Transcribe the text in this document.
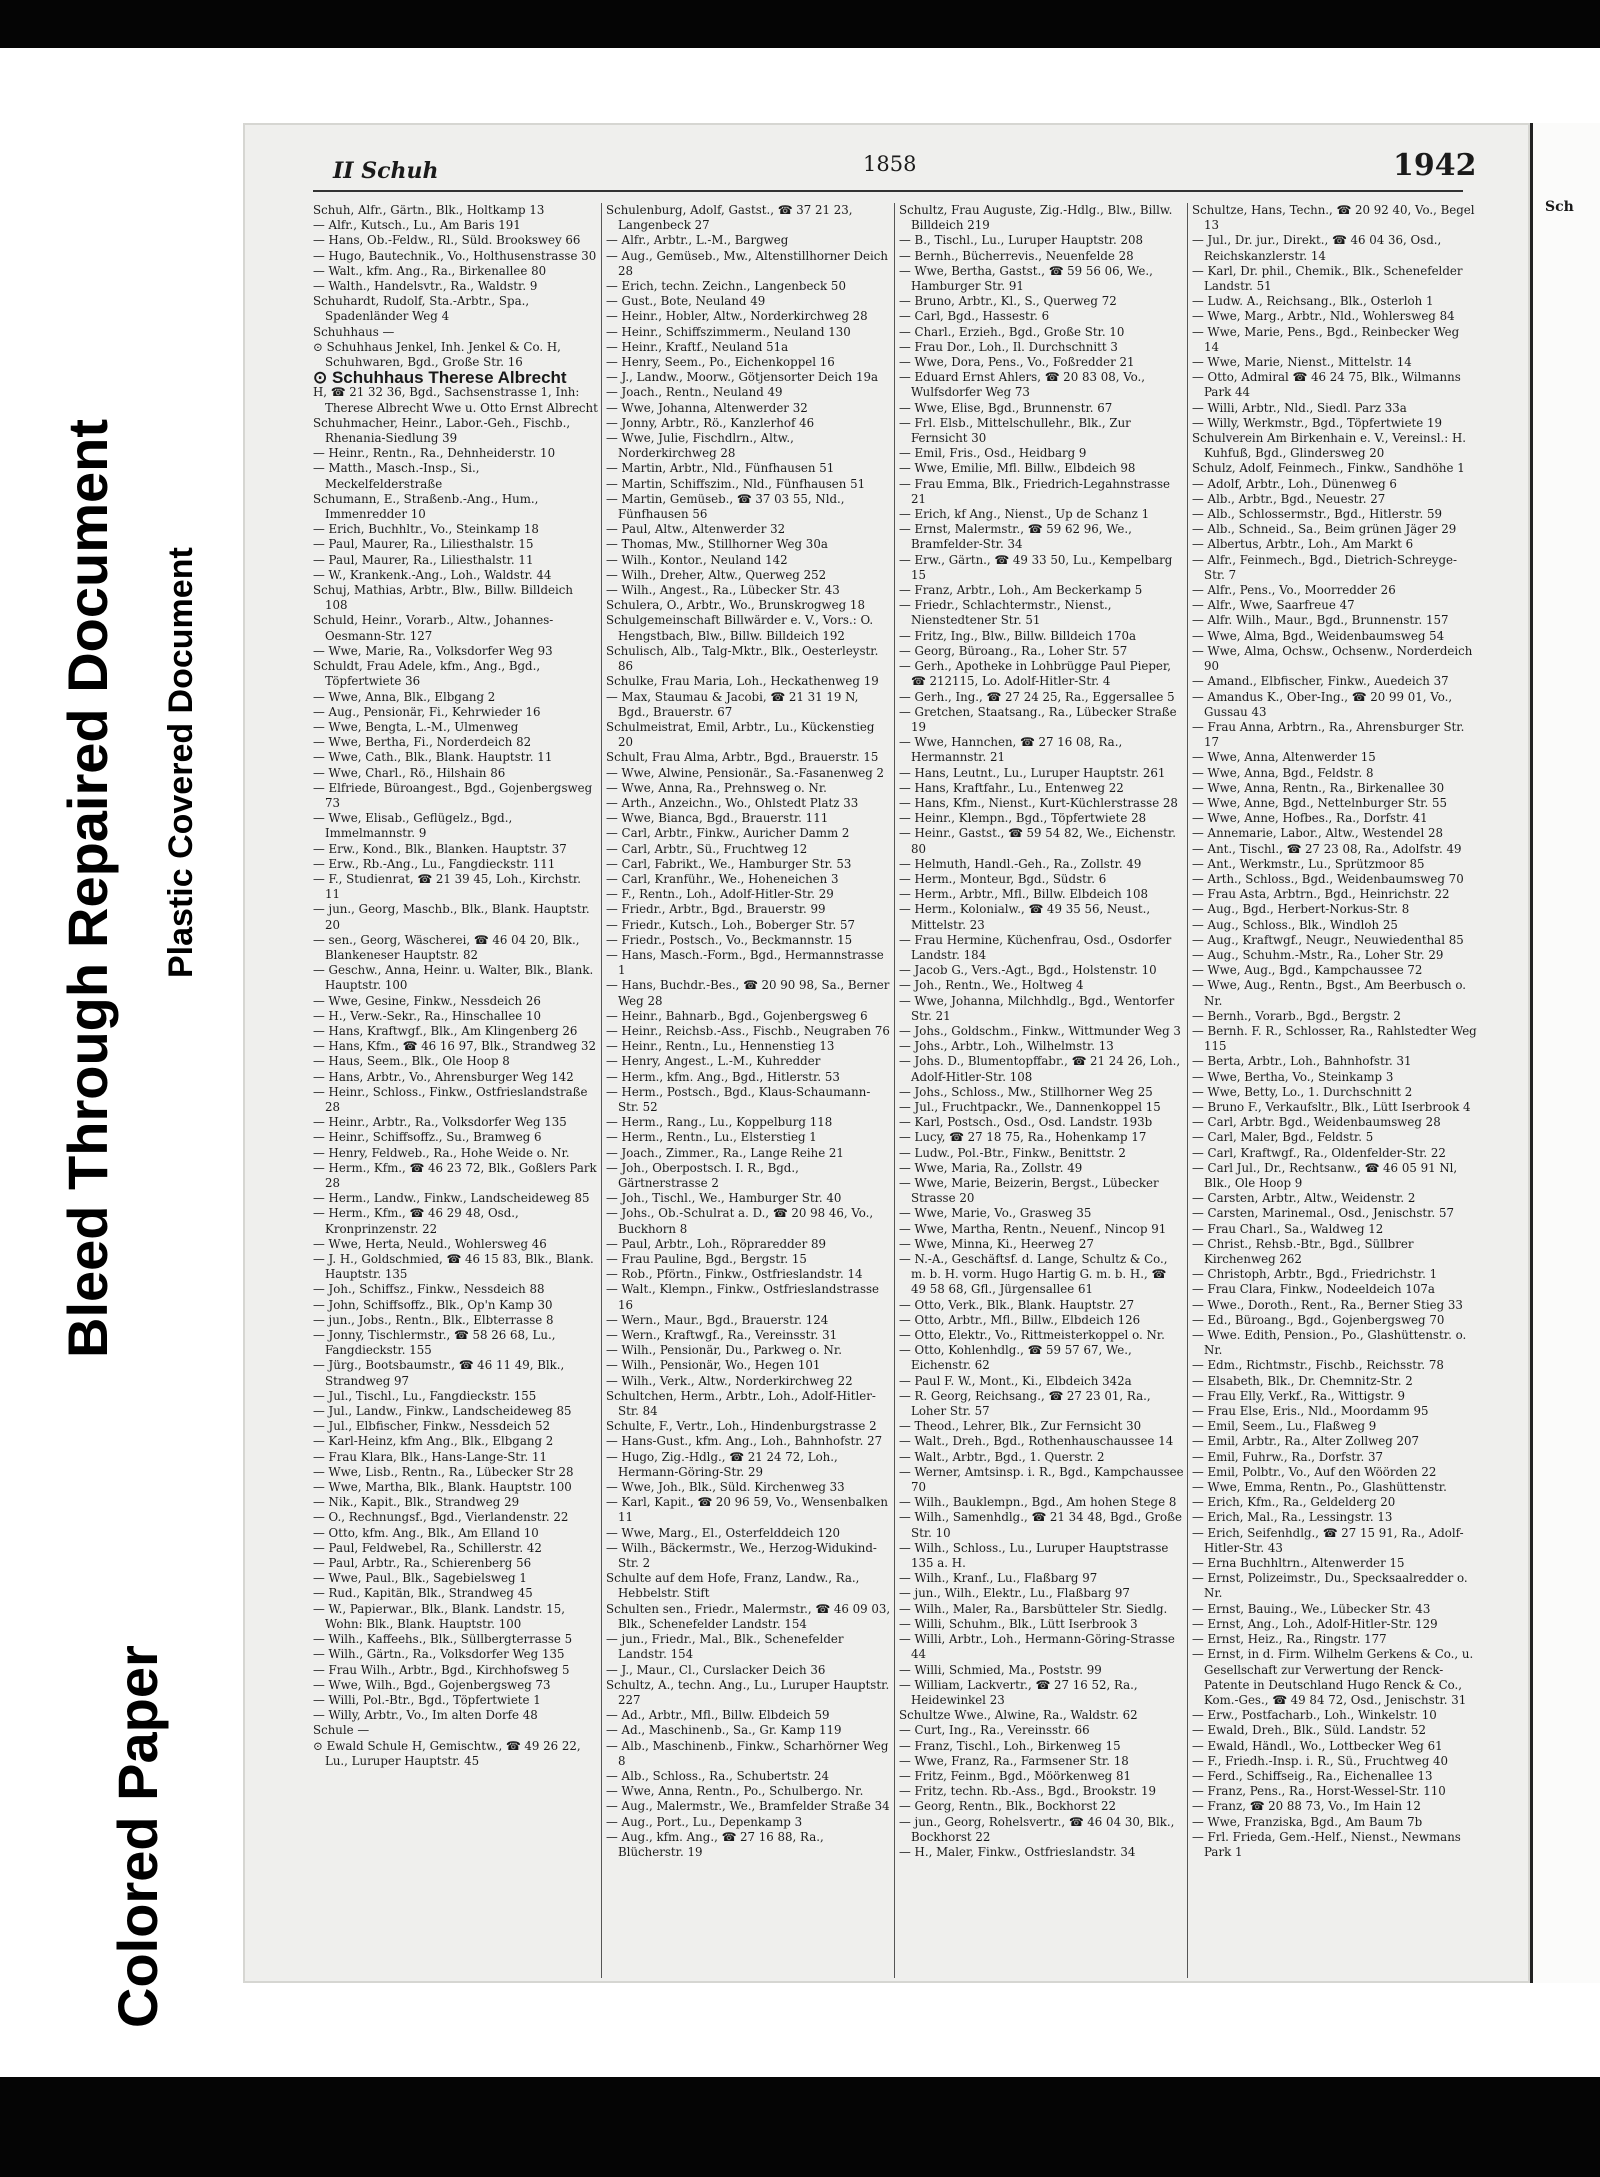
Colored Paper
Bleed Through
Repaired Document Plastic Covered Document
II Schuh	1858	1942

Schuh, Alfr., Gärtn., Blk., Holtkamp 13

— Alfr., Kutsch., Lu., Am Baris 191

— Hans, Ob.-Feldw., Rl., Süld. Brookswey 66

— Hugo, Bautechnik., Vo., Holthusenstrasse 30

— Walt., kfm. Ang., Ra., Birkenallee 80

— Walth., Handelsvtr., Ra., Waldstr. 9

Schuhardt, Rudolf, Sta.-Arbtr., Spa., Spadenländer Weg 4

Schuhhaus —

⊙ Schuhhaus Jenkel, Inh. Jenkel & Co. H, Schuhwaren, Bgd., Große Str. 16

⊙ Schuhhaus Therese Albrecht

H, ☎ 21 32 36, Bgd., Sachsenstrasse 1, Inh: Therese Albrecht Wwe u. Otto Ernst Albrecht

Schuhmacher, Heinr., Labor.-Geh., Fischb., Rhenania-Siedlung 39

— Heinr., Rentn., Ra., Dehnheiderstr. 10

— Matth., Masch.-Insp., Si., Meckelfelderstraße

Schumann, E., Straßenb.-Ang., Hum., Immenredder 10

— Erich, Buchhltr., Vo., Steinkamp 18

— Paul, Maurer, Ra., Liliesthalstr. 15

— Paul, Maurer, Ra., Liliesthalstr. 11

— W., Krankenk.-Ang., Loh., Waldstr. 44

Schuj, Mathias, Arbtr., Blw., Billw. Billdeich 108

Schuld, Heinr., Vorarb., Altw., Johannes-Oesmann-Str. 127

— Wwe, Marie, Ra., Volksdorfer Weg 93

Schuldt, Frau Adele, kfm., Ang., Bgd., Töpfertwiete 36

— Wwe, Anna, Blk., Elbgang 2

— Aug., Pensionär, Fi., Kehrwieder 16

— Wwe, Bengta, L.-M., Ulmenweg

— Wwe, Bertha, Fi., Norderdeich 82

— Wwe, Cath., Blk., Blank. Hauptstr. 11

— Wwe, Charl., Rö., Hilshain 86

— Elfriede, Büroangest., Bgd., Gojenbergsweg 73

— Wwe, Elisab., Geflügelz., Bgd., Immelmannstr. 9

— Erw., Kond., Blk., Blanken. Hauptstr. 37

— Erw., Rb.-Ang., Lu., Fangdieckstr. 111

— F., Studienrat, ☎ 21 39 45, Loh., Kirchstr. 11

— jun., Georg, Maschb., Blk., Blank. Hauptstr. 20

— sen., Georg, Wäscherei, ☎ 46 04 20, Blk., Blankeneser Hauptstr. 82

— Geschw., Anna, Heinr. u. Walter, Blk., Blank. Hauptstr. 100

— Wwe, Gesine, Finkw., Nessdeich 26

— H., Verw.-Sekr., Ra., Hinschallee 10

— Hans, Kraftwgf., Blk., Am Klingenberg 26

— Hans, Kfm., ☎ 46 16 97, Blk., Strandweg 32

— Haus, Seem., Blk., Ole Hoop 8

— Hans, Arbtr., Vo., Ahrensburger Weg 142

— Heinr., Schloss., Finkw., Ostfrieslandstraße 28

— Heinr., Arbtr., Ra., Volksdorfer Weg 135

— Heinr., Schiffsoffz., Su., Bramweg 6

— Henry, Feldweb., Ra., Hohe Weide o. Nr.

— Herm., Kfm., ☎ 46 23 72, Blk., Goßlers Park 28

— Herm., Landw., Finkw., Landscheideweg 85

— Herm., Kfm., ☎ 46 29 48, Osd., Kronprinzenstr. 22

— Wwe, Herta, Neuld., Wohlersweg 46

— J. H., Goldschmied, ☎ 46 15 83, Blk., Blank. Hauptstr. 135

— Joh., Schiffsz., Finkw., Nessdeich 88

— John, Schiffsoffz., Blk., Op'n Kamp 30

— jun., Jobs., Rentn., Blk., Elbterrasse 8

— Jonny, Tischlermstr., ☎ 58 26 68, Lu., Fangdieckstr. 155

— Jürg., Bootsbaumstr., ☎ 46 11 49, Blk., Strandweg 97

— Jul., Tischl., Lu., Fangdieckstr. 155

— Jul., Landw., Finkw., Landscheideweg 85

— Jul., Elbfischer, Finkw., Nessdeich 52

— Karl-Heinz, kfm Ang., Blk., Elbgang 2

— Frau Klara, Blk., Hans-Lange-Str. 11

— Wwe, Lisb., Rentn., Ra., Lübecker Str 28

— Wwe, Martha, Blk., Blank. Hauptstr. 100

— Nik., Kapit., Blk., Strandweg 29

— O., Rechnungsf., Bgd., Vierlandenstr. 22

— Otto, kfm. Ang., Blk., Am Elland 10

— Paul, Feldwebel, Ra., Schillerstr. 42

— Paul, Arbtr., Ra., Schierenberg 56

— Wwe, Paul., Blk., Sagebielsweg 1

— Rud., Kapitän, Blk., Strandweg 45

— W., Papierwar., Blk., Blank. Landstr. 15, Wohn: Blk., Blank. Hauptstr. 100

— Wilh., Kaffeehs., Blk., Süllbergterrasse 5

— Wilh., Gärtn., Ra., Volksdorfer Weg 135

— Frau Wilh., Arbtr., Bgd., Kirchhofsweg 5

— Wwe, Wilh., Bgd., Gojenbergsweg 73

— Willi, Pol.-Btr., Bgd., Töpfertwiete 1

— Willy, Arbtr., Vo., Im alten Dorfe 48

Schule —

⊙ Ewald Schule H, Gemischtw., ☎ 49 26 22, Lu., Luruper Hauptstr. 45

Schulenburg, Adolf, Gastst., ☎ 37 21 23, Langenbeck 27

— Alfr., Arbtr., L.-M., Bargweg

— Aug., Gemüseb., Mw., Altenstillhorner Deich 28

— Erich, techn. Zeichn., Langenbeck 50

— Gust., Bote, Neuland 49

— Heinr., Hobler, Altw., Norderkirchweg 28

— Heinr., Schiffszimmerm., Neuland 130

— Heinr., Kraftf., Neuland 51a

— Henry, Seem., Po., Eichenkoppel 16

— J., Landw., Moorw., Götjensorter Deich 19a

— Joach., Rentn., Neuland 49

— Wwe, Johanna, Altenwerder 32

— Jonny, Arbtr., Rö., Kanzlerhof 46

— Wwe, Julie, Fischdlrn., Altw., Norderkirchweg 28

— Martin, Arbtr., Nld., Fünfhausen 51

— Martin, Schiffszim., Nld., Fünfhausen 51

— Martin, Gemüseb., ☎ 37 03 55, Nld., Fünfhausen 56

— Paul, Altw., Altenwerder 32

— Thomas, Mw., Stillhorner Weg 30a

— Wilh., Kontor., Neuland 142

— Wilh., Dreher, Altw., Querweg 252

— Wilh., Angest., Ra., Lübecker Str. 43

Schulera, O., Arbtr., Wo., Brunskrogweg 18

Schulgemeinschaft Billwärder e. V., Vors.: O. Hengstbach, Blw., Billw. Billdeich 192

Schulisch, Alb., Talg-Mktr., Blk., Oesterleystr. 86

Schulke, Frau Maria, Loh., Heckathenweg 19

— Max, Staumau & Jacobi, ☎ 21 31 19 N, Bgd., Brauerstr. 67

Schulmeistrat, Emil, Arbtr., Lu., Kückenstieg 20

Schult, Frau Alma, Arbtr., Bgd., Brauerstr. 15

— Wwe, Alwine, Pensionär., Sa.-Fasanenweg 2

— Wwe, Anna, Ra., Prehnsweg o. Nr.

— Arth., Anzeichn., Wo., Ohlstedt Platz 33

— Wwe, Bianca, Bgd., Brauerstr. 111

— Carl, Arbtr., Finkw., Auricher Damm 2

— Carl, Arbtr., Sü., Fruchtweg 12

— Carl, Fabrikt., We., Hamburger Str. 53

— Carl, Kranführ., We., Hoheneichen 3

— F., Rentn., Loh., Adolf-Hitler-Str. 29

— Friedr., Arbtr., Bgd., Brauerstr. 99

— Friedr., Kutsch., Loh., Boberger Str. 57

— Friedr., Postsch., Vo., Beckmannstr. 15

— Hans, Masch.-Form., Bgd., Hermannstrasse 1

— Hans, Buchdr.-Bes., ☎ 20 90 98, Sa., Berner Weg 28

— Heinr., Bahnarb., Bgd., Gojenbergsweg 6

— Heinr., Reichsb.-Ass., Fischb., Neugraben 76

— Heinr., Rentn., Lu., Hennenstieg 13

— Henry, Angest., L.-M., Kuhredder

— Herm., kfm. Ang., Bgd., Hitlerstr. 53

— Herm., Postsch., Bgd., Klaus-Schaumann-Str. 52

— Herm., Rang., Lu., Koppelburg 118

— Herm., Rentn., Lu., Elsterstieg 1

— Joach., Zimmer., Ra., Lange Reihe 21

— Joh., Oberpostsch. I. R., Bgd., Gärtnerstrasse 2

— Joh., Tischl., We., Hamburger Str. 40

— Johs., Ob.-Schulrat a. D., ☎ 20 98 46, Vo., Buckhorn 8

— Paul, Arbtr., Loh., Röpraredder 89

— Frau Pauline, Bgd., Bergstr. 15

— Rob., Pförtn., Finkw., Ostfrieslandstr. 14

— Walt., Klempn., Finkw., Ostfrieslandstrasse 16

— Wern., Maur., Bgd., Brauerstr. 124

— Wern., Kraftwgf., Ra., Vereinsstr. 31

— Wilh., Pensionär, Du., Parkweg o. Nr.

— Wilh., Pensionär, Wo., Hegen 101

— Wilh., Verk., Altw., Norderkirchweg 22

Schultchen, Herm., Arbtr., Loh., Adolf-Hitler-Str. 84

Schulte, F., Vertr., Loh., Hindenburgstrasse 2

— Hans-Gust., kfm. Ang., Loh., Bahnhofstr. 27

— Hugo, Zig.-Hdlg., ☎ 21 24 72, Loh., Hermann-Göring-Str. 29

— Wwe, Joh., Blk., Süld. Kirchenweg 33

— Karl, Kapit., ☎ 20 96 59, Vo., Wensenbalken 11

— Wwe, Marg., El., Osterfelddeich 120

— Wilh., Bäckermstr., We., Herzog-Widukind-Str. 2

Schulte auf dem Hofe, Franz, Landw., Ra., Hebbelstr. Stift

Schulten sen., Friedr., Malermstr., ☎ 46 09 03, Blk., Schenefelder Landstr. 154

— jun., Friedr., Mal., Blk., Schenefelder Landstr. 154

— J., Maur., Cl., Curslacker Deich 36

Schultz, A., techn. Ang., Lu., Luruper Hauptstr. 227

— Ad., Arbtr., Mfl., Billw. Elbdeich 59

— Ad., Maschinenb., Sa., Gr. Kamp 119

— Alb., Maschinenb., Finkw., Scharhörner Weg 8

— Alb., Schloss., Ra., Schubertstr. 24

— Wwe, Anna, Rentn., Po., Schulbergo. Nr.

— Aug., Malermstr., We., Bramfelder Straße 34

— Aug., Port., Lu., Depenkamp 3

— Aug., kfm. Ang., ☎ 27 16 88, Ra., Blücherstr. 19

Schultz, Frau Auguste, Zig.-Hdlg., Blw., Billw. Billdeich 219

— B., Tischl., Lu., Luruper Hauptstr. 208

— Bernh., Bücherrevis., Neuenfelde 28

— Wwe, Bertha, Gastst., ☎ 59 56 06, We., Hamburger Str. 91

— Bruno, Arbtr., Kl., S., Querweg 72

— Carl, Bgd., Hassestr. 6

— Charl., Erzieh., Bgd., Große Str. 10

— Frau Dor., Loh., Il. Durchschnitt 3

— Wwe, Dora, Pens., Vo., Foßredder 21

— Eduard Ernst Ahlers, ☎ 20 83 08, Vo., Wulfsdorfer Weg 73

— Wwe, Elise, Bgd., Brunnenstr. 67

— Frl. Elsb., Mittelschullehr., Blk., Zur Fernsicht 30

— Emil, Fris., Osd., Heidbarg 9

— Wwe, Emilie, Mfl. Billw., Elbdeich 98

— Frau Emma, Blk., Friedrich-Legahnstrasse 21

— Erich, kf Ang., Nienst., Up de Schanz 1

— Ernst, Malermstr., ☎ 59 62 96, We., Bramfelder-Str. 34

— Erw., Gärtn., ☎ 49 33 50, Lu., Kempelbarg 15

— Franz, Arbtr., Loh., Am Beckerkamp 5

— Friedr., Schlachtermstr., Nienst., Nienstedtener Str. 51

— Fritz, Ing., Blw., Billw. Billdeich 170a

— Georg, Büroang., Ra., Loher Str. 57

— Gerh., Apotheke in Lohbrügge Paul Pieper, ☎ 212115, Lo. Adolf-Hitler-Str. 4

— Gerh., Ing., ☎ 27 24 25, Ra., Eggersallee 5

— Gretchen, Staatsang., Ra., Lübecker Straße 19

— Wwe, Hannchen, ☎ 27 16 08, Ra., Hermannstr. 21

— Hans, Leutnt., Lu., Luruper Hauptstr. 261

— Hans, Kraftfahr., Lu., Entenweg 22

— Hans, Kfm., Nienst., Kurt-Küchlerstrasse 28

— Heinr., Klempn., Bgd., Töpfertwiete 28

— Heinr., Gastst., ☎ 59 54 82, We., Eichenstr. 80

— Helmuth, Handl.-Geh., Ra., Zollstr. 49

— Herm., Monteur, Bgd., Südstr. 6

— Herm., Arbtr., Mfl., Billw. Elbdeich 108

— Herm., Kolonialw., ☎ 49 35 56, Neust., Mittelstr. 23

— Frau Hermine, Küchenfrau, Osd., Osdorfer Landstr. 184

— Jacob G., Vers.-Agt., Bgd., Holstenstr. 10

— Joh., Rentn., We., Holtweg 4

— Wwe, Johanna, Milchhdlg., Bgd., Wentorfer Str. 21

— Johs., Goldschm., Finkw., Wittmunder Weg 3

— Johs., Arbtr., Loh., Wilhelmstr. 13

— Johs. D., Blumentopffabr., ☎ 21 24 26, Loh., Adolf-Hitler-Str. 108

— Johs., Schloss., Mw., Stillhorner Weg 25

— Jul., Fruchtpackr., We., Dannenkoppel 15

— Karl, Postsch., Osd., Osd. Landstr. 193b

— Lucy, ☎ 27 18 75, Ra., Hohenkamp 17

— Ludw., Pol.-Btr., Finkw., Benittstr. 2

— Wwe, Maria, Ra., Zollstr. 49

— Wwe, Marie, Beizerin, Bergst., Lübecker Strasse 20

— Wwe, Marie, Vo., Grasweg 35

— Wwe, Martha, Rentn., Neuenf., Nincop 91

— Wwe, Minna, Ki., Heerweg 27

— N.-A., Geschäftsf. d. Lange, Schultz & Co., m. b. H. vorm. Hugo Hartig G. m. b. H., ☎ 49 58 68, Gfl., Jürgensallee 61

— Otto, Verk., Blk., Blank. Hauptstr. 27

— Otto, Arbtr., Mfl., Billw., Elbdeich 126

— Otto, Elektr., Vo., Rittmeisterkoppel o. Nr.

— Otto, Kohlenhdlg., ☎ 59 57 67, We., Eichenstr. 62

— Paul F. W., Mont., Ki., Elbdeich 342a

— R. Georg, Reichsang., ☎ 27 23 01, Ra., Loher Str. 57

— Theod., Lehrer, Blk., Zur Fernsicht 30

— Walt., Dreh., Bgd., Rothenhauschaussee 14

— Walt., Arbtr., Bgd., 1. Querstr. 2

— Werner, Amtsinsp. i. R., Bgd., Kampchaussee 70

— Wilh., Bauklempn., Bgd., Am hohen Stege 8

— Wilh., Samenhdlg., ☎ 21 34 48, Bgd., Große Str. 10

— Wilh., Schloss., Lu., Luruper Hauptstrasse 135 a. H.

— Wilh., Kranf., Lu., Flaßbarg 97

— jun., Wilh., Elektr., Lu., Flaßbarg 97

— Wilh., Maler, Ra., Barsbütteler Str. Siedlg.

— Willi, Schuhm., Blk., Lütt Iserbrook 3

— Willi, Arbtr., Loh., Hermann-Göring-Strasse 44

— Willi, Schmied, Ma., Poststr. 99

— William, Lackvertr., ☎ 27 16 52, Ra., Heidewinkel 23

Schultze Wwe., Alwine, Ra., Waldstr. 62

— Curt, Ing., Ra., Vereinsstr. 66

— Franz, Tischl., Loh., Birkenweg 15

— Wwe, Franz, Ra., Farmsener Str. 18

— Fritz, Feinm., Bgd., Möörkenweg 81

— Fritz, techn. Rb.-Ass., Bgd., Brookstr. 19

— Georg, Rentn., Blk., Bockhorst 22

— jun., Georg, Rohelsvertr., ☎ 46 04 30, Blk., Bockhorst 22

— H., Maler, Finkw., Ostfrieslandstr. 34

Schultze, Hans, Techn., ☎ 20 92 40, Vo., Begel 13

— Jul., Dr. jur., Direkt., ☎ 46 04 36, Osd., Reichskanzlerstr. 14

— Karl, Dr. phil., Chemik., Blk., Schenefelder Landstr. 51

— Ludw. A., Reichsang., Blk., Osterloh 1

— Wwe, Marg., Arbtr., Nld., Wohlersweg 84

— Wwe, Marie, Pens., Bgd., Reinbecker Weg 14

— Wwe, Marie, Nienst., Mittelstr. 14

— Otto, Admiral ☎ 46 24 75, Blk., Wilmanns Park 44

— Willi, Arbtr., Nld., Siedl. Parz 33a

— Willy, Werkmstr., Bgd., Töpfertwiete 19

Schulverein Am Birkenhain e. V., Vereinsl.: H. Kuhfuß, Bgd., Glindersweg 20

Schulz, Adolf, Feinmech., Finkw., Sandhöhe 1

— Adolf, Arbtr., Loh., Dünenweg 6

— Alb., Arbtr., Bgd., Neuestr. 27

— Alb., Schlossermstr., Bgd., Hitlerstr. 59

— Alb., Schneid., Sa., Beim grünen Jäger 29

— Albertus, Arbtr., Loh., Am Markt 6

— Alfr., Feinmech., Bgd., Dietrich-Schreyge-Str. 7

— Alfr., Pens., Vo., Moorredder 26

— Alfr., Wwe, Saarfreue 47

— Alfr. Wilh., Maur., Bgd., Brunnenstr. 157

— Wwe, Alma, Bgd., Weidenbaumsweg 54

— Wwe, Alma, Ochsw., Ochsenw., Norderdeich 90

— Amand., Elbfischer, Finkw., Auedeich 37

— Amandus K., Ober-Ing., ☎ 20 99 01, Vo., Gussau 43

— Frau Anna, Arbtrn., Ra., Ahrensburger Str. 17

— Wwe, Anna, Altenwerder 15

— Wwe, Anna, Bgd., Feldstr. 8

— Wwe, Anna, Rentn., Ra., Birkenallee 30

— Wwe, Anne, Bgd., Nettelnburger Str. 55

— Wwe, Anne, Hofbes., Ra., Dorfstr. 41

— Annemarie, Labor., Altw., Westendel 28

— Ant., Tischl., ☎ 27 23 08, Ra., Adolfstr. 49

— Ant., Werkmstr., Lu., Sprützmoor 85

— Arth., Schloss., Bgd., Weidenbaumsweg 70

— Frau Asta, Arbtrn., Bgd., Heinrichstr. 22

— Aug., Bgd., Herbert-Norkus-Str. 8

— Aug., Schloss., Blk., Windloh 25

— Aug., Kraftwgf., Neugr., Neuwiedenthal 85

— Aug., Schuhm.-Mstr., Ra., Loher Str. 29

— Wwe, Aug., Bgd., Kampchaussee 72

— Wwe, Aug., Rentn., Bgst., Am Beerbusch o. Nr.

— Bernh., Vorarb., Bgd., Bergstr. 2

— Bernh. F. R., Schlosser, Ra., Rahlstedter Weg 115

— Berta, Arbtr., Loh., Bahnhofstr. 31

— Wwe, Bertha, Vo., Steinkamp 3

— Wwe, Betty, Lo., 1. Durchschnitt 2

— Bruno F., Verkaufsltr., Blk., Lütt Iserbrook 4

— Carl, Arbtr. Bgd., Weidenbaumsweg 28

— Carl, Maler, Bgd., Feldstr. 5

— Carl, Kraftwgf., Ra., Oldenfelder-Str. 22

— Carl Jul., Dr., Rechtsanw., ☎ 46 05 91 Nl, Blk., Ole Hoop 9

— Carsten, Arbtr., Altw., Weidenstr. 2

— Carsten, Marinemal., Osd., Jenischstr. 57

— Frau Charl., Sa., Waldweg 12

— Christ., Rehsb.-Btr., Bgd., Süllbrer Kirchenweg 262

— Christoph, Arbtr., Bgd., Friedrichstr. 1

— Frau Clara, Finkw., Nodeeldeich 107a

— Wwe., Doroth., Rent., Ra., Berner Stieg 33

— Ed., Büroang., Bgd., Gojenbergsweg 70

— Wwe. Edith, Pension., Po., Glashüttenstr. o. Nr.

— Edm., Richtmstr., Fischb., Reichsstr. 78

— Elsabeth, Blk., Dr. Chemnitz-Str. 2

— Frau Elly, Verkf., Ra., Wittigstr. 9

— Frau Else, Eris., Nld., Moordamm 95

— Emil, Seem., Lu., Flaßweg 9

— Emil, Arbtr., Ra., Alter Zollweg 207

— Emil, Fuhrw., Ra., Dorfstr. 37

— Emil, Polbtr., Vo., Auf den Wöörden 22

— Wwe, Emma, Rentn., Po., Glashüttenstr.

— Erich, Kfm., Ra., Geldelderg 20

— Erich, Mal., Ra., Lessingstr. 13

— Erich, Seifenhdlg., ☎ 27 15 91, Ra., Adolf-Hitler-Str. 43

— Erna Buchhltrn., Altenwerder 15

— Ernst, Polizeimstr., Du., Specksaalredder o. Nr.

— Ernst, Bauing., We., Lübecker Str. 43

— Ernst, Ang., Loh., Adolf-Hitler-Str. 129

— Ernst, Heiz., Ra., Ringstr. 177

— Ernst, in d. Firm. Wilhelm Gerkens & Co., u. Gesellschaft zur Verwertung der Renck-Patente in Deutschland Hugo Renck & Co., Kom.-Ges., ☎ 49 84 72, Osd., Jenischstr. 31

— Erw., Postfacharb., Loh., Winkelstr. 10

— Ewald, Dreh., Blk., Süld. Landstr. 52

— Ewald, Händl., Wo., Lottbecker Weg 61

— F., Friedh.-Insp. i. R., Sü., Fruchtweg 40

— Ferd., Schiffseig., Ra., Eichenallee 13

— Franz, Pens., Ra., Horst-Wessel-Str. 110

— Franz, ☎ 20 88 73, Vo., Im Hain 12

— Wwe, Franziska, Bgd., Am Baum 7b

— Frl. Frieda, Gem.-Helf., Nienst., Newmans Park 1

Sch
